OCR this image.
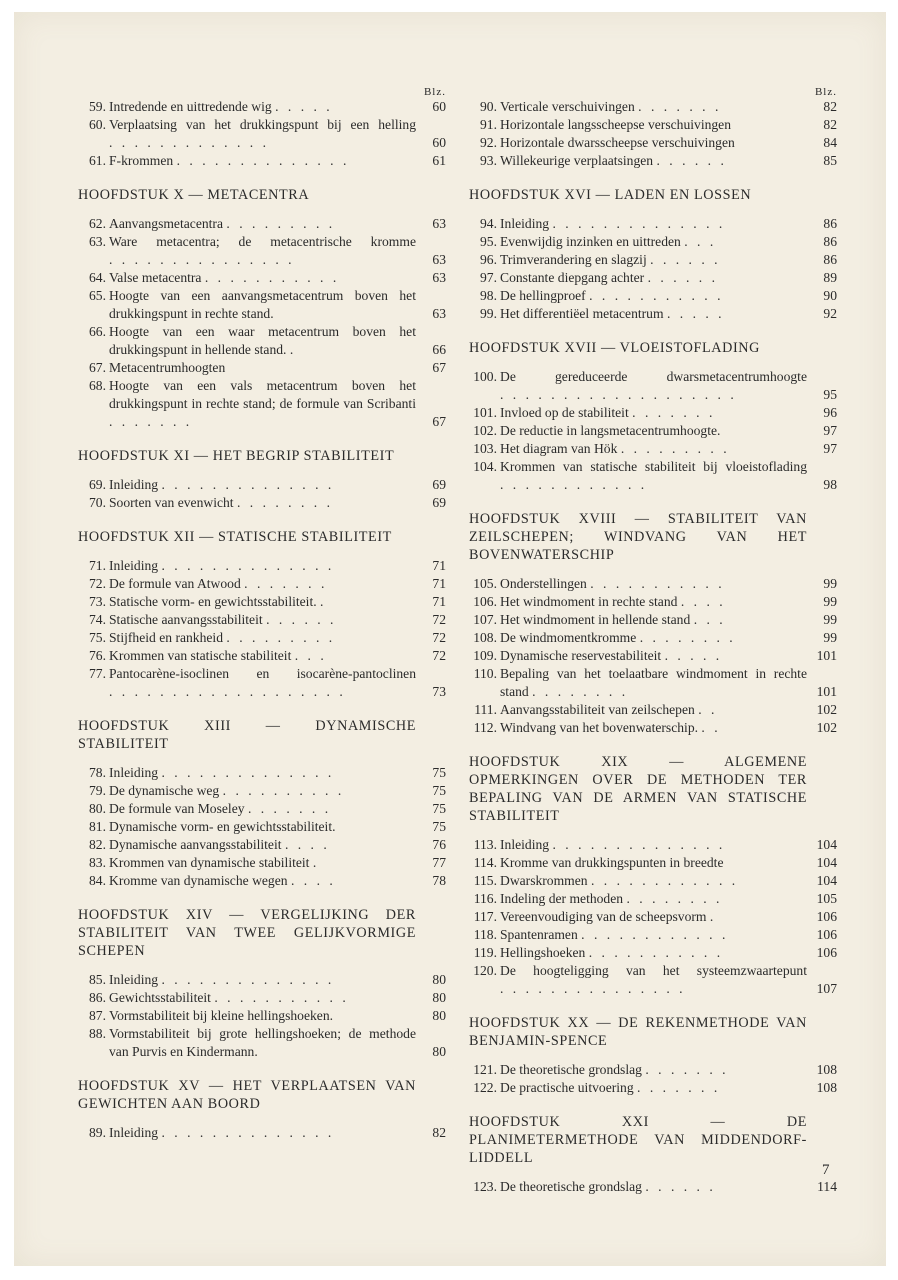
Blz.
59. Intredende en uittredende wig . . . . .	60
60. Verplaatsing van het drukkingspunt bij een helling . . . . . . . . . . . . .	60
61. F-krommen . . . . . . . . . . . . . .	61
HOOFDSTUK X — METACENTRA
62. Aanvangsmetacentra . . . . . . . . .	63
63. Ware metacentra; de metacentrische kromme . . . . . . . . . . . . . . .	63
64. Valse metacentra . . . . . . . . . . .	63
65. Hoogte van een aanvangsmetacentrum boven het drukkingspunt in rechte stand.	63
66. Hoogte van een waar metacentrum boven het drukkingspunt in hellende stand. .	66
67. Metacentrumhoogten	67
68. Hoogte van een vals metacentrum boven het drukkingspunt in rechte stand; de formule van Scribanti . . . . . . .	67
HOOFDSTUK XI — HET BEGRIP STABILITEIT
69. Inleiding . . . . . . . . . . . . . .	69
70. Soorten van evenwicht . . . . . . . .	69
HOOFDSTUK XII — STATISCHE STABILITEIT
71. Inleiding . . . . . . . . . . . . . .	71
72. De formule van Atwood . . . . . . .	71
73. Statische vorm- en gewichtsstabiliteit. .	71
74. Statische aanvangsstabiliteit . . . . . .	72
75. Stijfheid en rankheid . . . . . . . . .	72
76. Krommen van statische stabiliteit . . .	72
77. Pantocarène-isoclinen en isocarène-pantoclinen . . . . . . . . . . . . . . . . . . .	73
HOOFDSTUK XIII — DYNAMISCHE STABILITEIT
78. Inleiding . . . . . . . . . . . . . .	75
79. De dynamische weg . . . . . . . . . .	75
80. De formule van Moseley . . . . . . .	75
81. Dynamische vorm- en gewichtsstabiliteit.	75
82. Dynamische aanvangsstabiliteit . . . .	76
83. Krommen van dynamische stabiliteit .	77
84. Kromme van dynamische wegen . . . .	78
HOOFDSTUK XIV — VERGELIJKING DER STABILITEIT VAN TWEE GELIJKVORMIGE SCHEPEN
85. Inleiding . . . . . . . . . . . . . .	80
86. Gewichtsstabiliteit . . . . . . . . . . .	80
87. Vormstabiliteit bij kleine hellingshoeken.	80
88. Vormstabiliteit bij grote hellingshoeken; de methode van Purvis en Kindermann.	80
HOOFDSTUK XV — HET VERPLAATSEN VAN GEWICHTEN AAN BOORD
89. Inleiding . . . . . . . . . . . . . .	82
Blz.
90. Verticale verschuivingen . . . . . . .	82
91. Horizontale langsscheepse verschuivingen	82
92. Horizontale dwarsscheepse verschuivingen	84
93. Willekeurige verplaatsingen . . . . . .	85
HOOFDSTUK XVI — LADEN EN LOSSEN
94. Inleiding . . . . . . . . . . . . . .	86
95. Evenwijdig inzinken en uittreden . . .	86
96. Trimverandering en slagzij . . . . . .	86
97. Constante diepgang achter . . . . . .	89
98. De hellingproef . . . . . . . . . . .	90
99. Het differentiëel metacentrum . . . . .	92
HOOFDSTUK XVII — VLOEISTOFLADING
100. De gereduceerde dwarsmetacentrumhoogte . . . . . . . . . . . . . . . . . . .	95
101. Invloed op de stabiliteit . . . . . . .	96
102. De reductie in langsmetacentrumhoogte.	97
103. Het diagram van Hök . . . . . . . . .	97
104. Krommen van statische stabiliteit bij vloeistoflading . . . . . . . . . . . .	98
HOOFDSTUK XVIII — STABILITEIT VAN ZEILSCHEPEN; WINDVANG VAN HET BOVENWATERSCHIP
105. Onderstellingen . . . . . . . . . . .	99
106. Het windmoment in rechte stand . . . .	99
107. Het windmoment in hellende stand . . .	99
108. De windmomentkromme . . . . . . . .	99
109. Dynamische reservestabiliteit . . . . .	101
110. Bepaling van het toelaatbare windmoment in rechte stand . . . . . . . .	101
111. Aanvangsstabiliteit van zeilschepen . .	102
112. Windvang van het bovenwaterschip. . .	102
HOOFDSTUK XIX — ALGEMENE OPMERKINGEN OVER DE METHODEN TER BEPALING VAN DE ARMEN VAN STATISCHE STABILITEIT
113. Inleiding . . . . . . . . . . . . . .	104
114. Kromme van drukkingspunten in breedte	104
115. Dwarskrommen . . . . . . . . . . . .	104
116. Indeling der methoden . . . . . . . .	105
117. Vereenvoudiging van de scheepsvorm .	106
118. Spantenramen . . . . . . . . . . . .	106
119. Hellingshoeken . . . . . . . . . . .	106
120. De hoogteligging van het systeemzwaartepunt . . . . . . . . . . . . . . .	107
HOOFDSTUK XX — DE REKENMETHODE VAN BENJAMIN-SPENCE
121. De theoretische grondslag . . . . . . .	108
122. De practische uitvoering . . . . . . .	108
HOOFDSTUK XXI — DE PLANIMETERMETHODE VAN MIDDENDORF-LIDDELL
123. De theoretische grondslag . . . . . .	114
7
